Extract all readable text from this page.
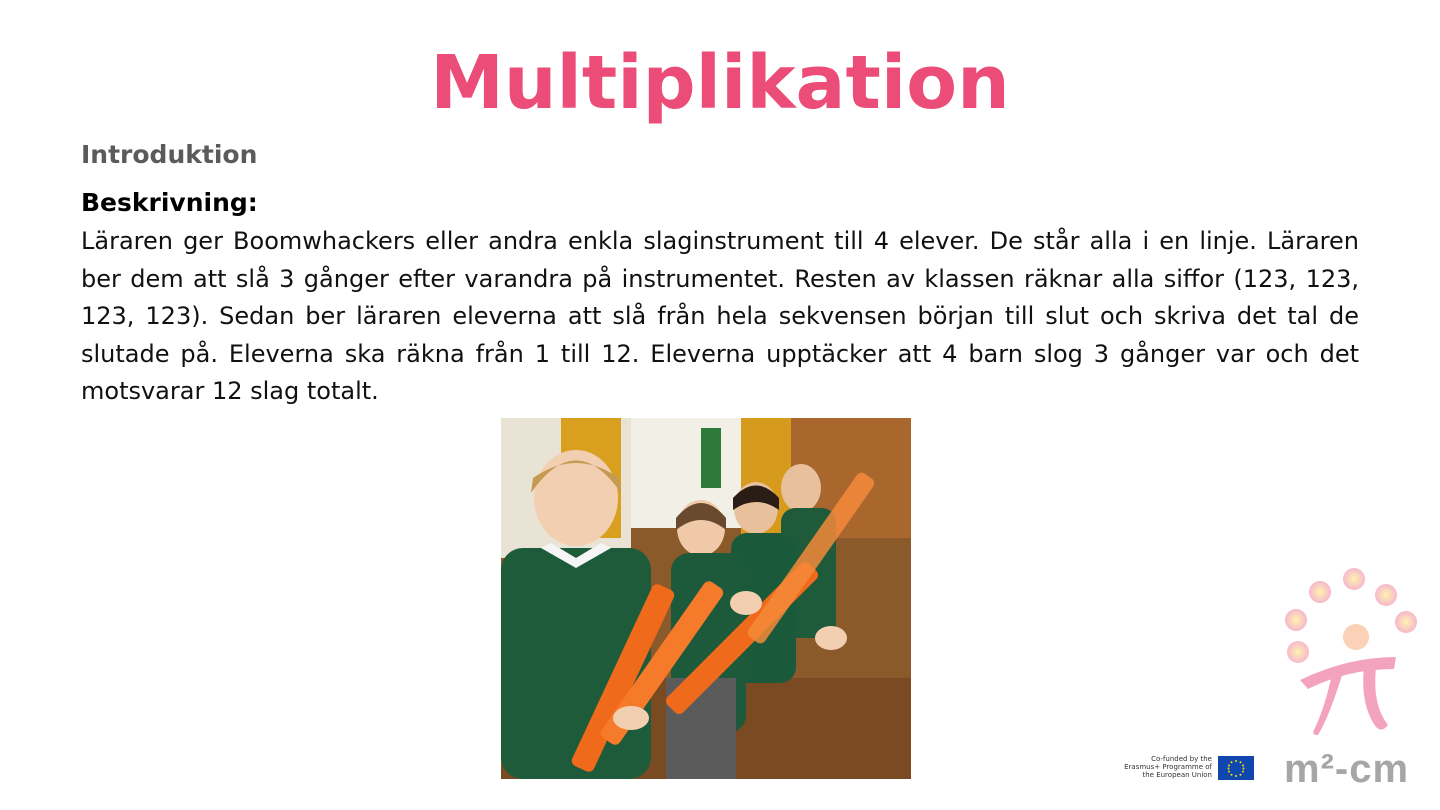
Multiplikation
Introduktion
Beskrivning:
Läraren ger Boomwhackers eller andra enkla slaginstrument till 4 elever. De står alla i en linje. Läraren ber dem att slå 3 gånger efter varandra på instrumentet. Resten av klassen räknar alla siffor (123, 123, 123, 123). Sedan ber läraren eleverna att slå från hela sekvensen början till slut och skriva det tal de slutade på. Eleverna ska räkna från 1 till 12. Eleverna upptäcker att 4 barn slog 3 gånger var och det motsvarar 12 slag totalt.
Co-funded by the Erasmus+ Programme of the European Union m²-cm
